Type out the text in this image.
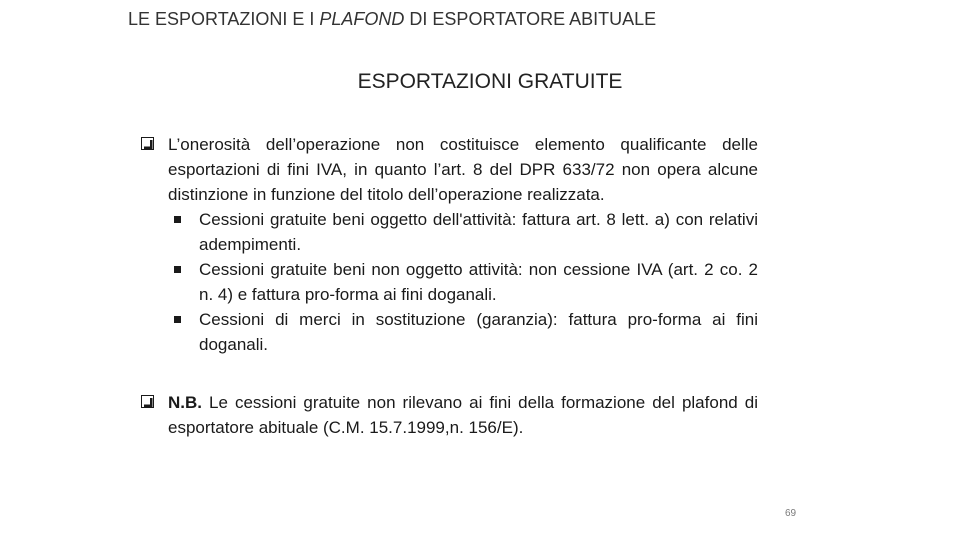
LE ESPORTAZIONI E I PLAFOND DI ESPORTATORE ABITUALE
ESPORTAZIONI GRATUITE
L’onerosità dell’operazione non costituisce elemento qualificante delle esportazioni di fini IVA, in quanto l’art. 8 del DPR 633/72 non opera alcune distinzione in funzione del titolo dell’operazione realizzata.
Cessioni gratuite beni oggetto dell'attività: fattura art. 8 lett. a) con relativi adempimenti.
Cessioni gratuite beni non oggetto attività: non cessione IVA (art. 2 co. 2 n. 4) e fattura pro-forma ai fini doganali.
Cessioni di merci in sostituzione (garanzia): fattura pro-forma ai fini doganali.
N.B. Le cessioni gratuite non rilevano ai fini della formazione del plafond di esportatore abituale (C.M. 15.7.1999,n. 156/E).
69
